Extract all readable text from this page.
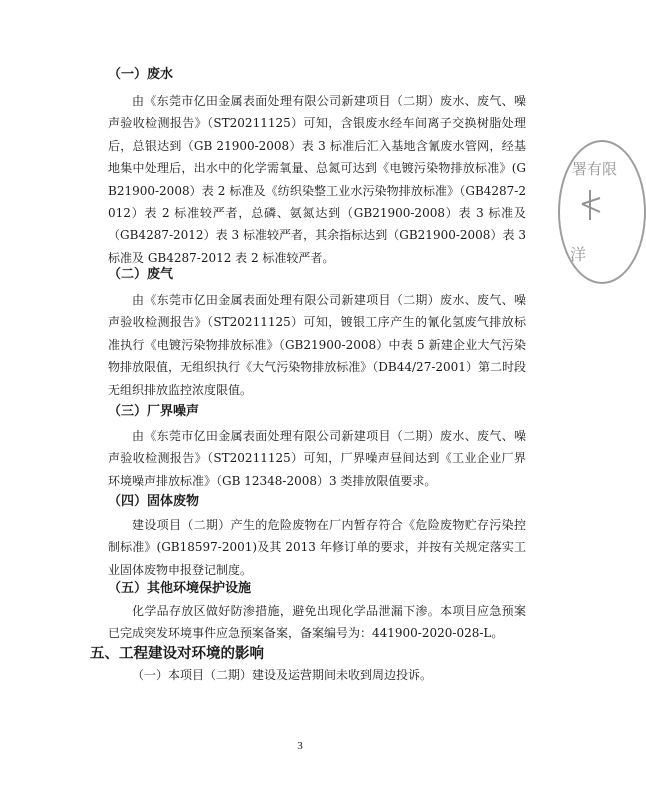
（一）废水
由《东莞市亿田金属表面处理有限公司新建项目（二期）废水、废气、噪声验收检测报告》（ST20211125）可知，含银废水经车间离子交换树脂处理后，总银达到（GB 21900-2008）表 3 标准后汇入基地含氰废水管网，经基地集中处理后，出水中的化学需氧量、总氮可达到《电镀污染物排放标准》(GB21900-2008）表 2 标准及《纺织染整工业水污染物排放标准》（GB4287-2012）表 2 标准较严者，总磷、氨氮达到（GB21900-2008）表 3 标准及（GB4287-2012）表 3 标准较严者，其余指标达到（GB21900-2008）表 3 标准及 GB4287-2012 表 2 标准较严者。
（二）废气
由《东莞市亿田金属表面处理有限公司新建项目（二期）废水、废气、噪声验收检测报告》（ST20211125）可知，镀银工序产生的氰化氢废气排放标准执行《电镀污染物排放标准》（GB21900-2008）中表 5 新建企业大气污染物排放限值，无组织执行《大气污染物排放标准》（DB44/27-2001）第二时段无组织排放监控浓度限值。
（三）厂界噪声
由《东莞市亿田金属表面处理有限公司新建项目（二期）废水、废气、噪声验收检测报告》（ST20211125）可知，厂界噪声昼间达到《工业企业厂界环境噪声排放标准》（GB 12348-2008）3 类排放限值要求。
（四）固体废物
建设项目（二期）产生的危险废物在厂内暂存符合《危险废物贮存污染控制标准》(GB18597-2001)及其 2013 年修订单的要求，并按有关规定落实工业固体废物申报登记制度。
（五）其他环境保护设施
化学品存放区做好防渗措施，避免出现化学品泄漏下渗。本项目应急预案已完成突发环境事件应急预案备案，备案编号为：441900-2020-028-L。
五、工程建设对环境的影响
（一）本项目（二期）建设及运营期间未收到周边投诉。
3
署有限
洋
